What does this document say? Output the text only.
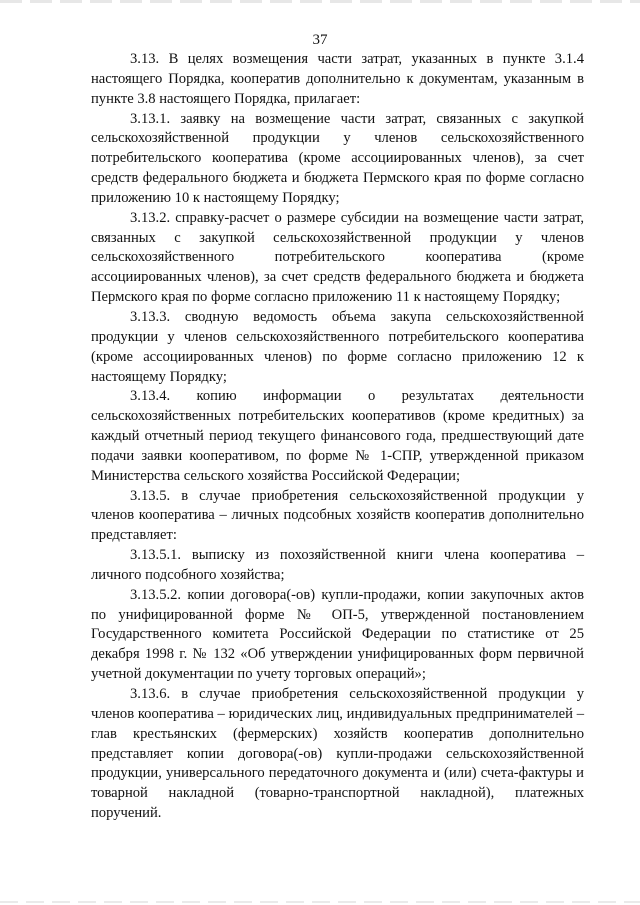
37

3.13. В целях возмещения части затрат, указанных в пункте 3.1.4 настоящего Порядка, кооператив дополнительно к документам, указанным в пункте 3.8 настоящего Порядка, прилагает:

3.13.1. заявку на возмещение части затрат, связанных с закупкой сельскохозяйственной продукции у членов сельскохозяйственного потребительского кооператива (кроме ассоциированных членов), за счет средств федерального бюджета и бюджета Пермского края по форме согласно приложению 10 к настоящему Порядку;

3.13.2. справку-расчет о размере субсидии на возмещение части затрат, связанных с закупкой сельскохозяйственной продукции у членов сельскохозяйственного потребительского кооператива (кроме ассоциированных членов), за счет средств федерального бюджета и бюджета Пермского края по форме согласно приложению 11 к настоящему Порядку;

3.13.3. сводную ведомость объема закупа сельскохозяйственной продукции у членов сельскохозяйственного потребительского кооператива (кроме ассоциированных членов) по форме согласно приложению 12 к настоящему Порядку;

3.13.4. копию информации о результатах деятельности сельскохозяйственных потребительских кооперативов (кроме кредитных) за каждый отчетный период текущего финансового года, предшествующий дате подачи заявки кооперативом, по форме № 1-СПР, утвержденной приказом Министерства сельского хозяйства Российской Федерации;

3.13.5. в случае приобретения сельскохозяйственной продукции у членов кооператива – личных подсобных хозяйств кооператив дополнительно представляет:

3.13.5.1. выписку из похозяйственной книги члена кооператива – личного подсобного хозяйства;

3.13.5.2. копии договора(-ов) купли-продажи, копии закупочных актов по унифицированной форме № ОП-5, утвержденной постановлением Государственного комитета Российской Федерации по статистике от 25 декабря 1998 г. № 132 «Об утверждении унифицированных форм первичной учетной документации по учету торговых операций»;

3.13.6. в случае приобретения сельскохозяйственной продукции у членов кооператива – юридических лиц, индивидуальных предпринимателей – глав крестьянских (фермерских) хозяйств кооператив дополнительно представляет копии договора(-ов) купли-продажи сельскохозяйственной продукции, универсального передаточного документа и (или) счета-фактуры и товарной накладной (товарно-транспортной накладной), платежных поручений.
